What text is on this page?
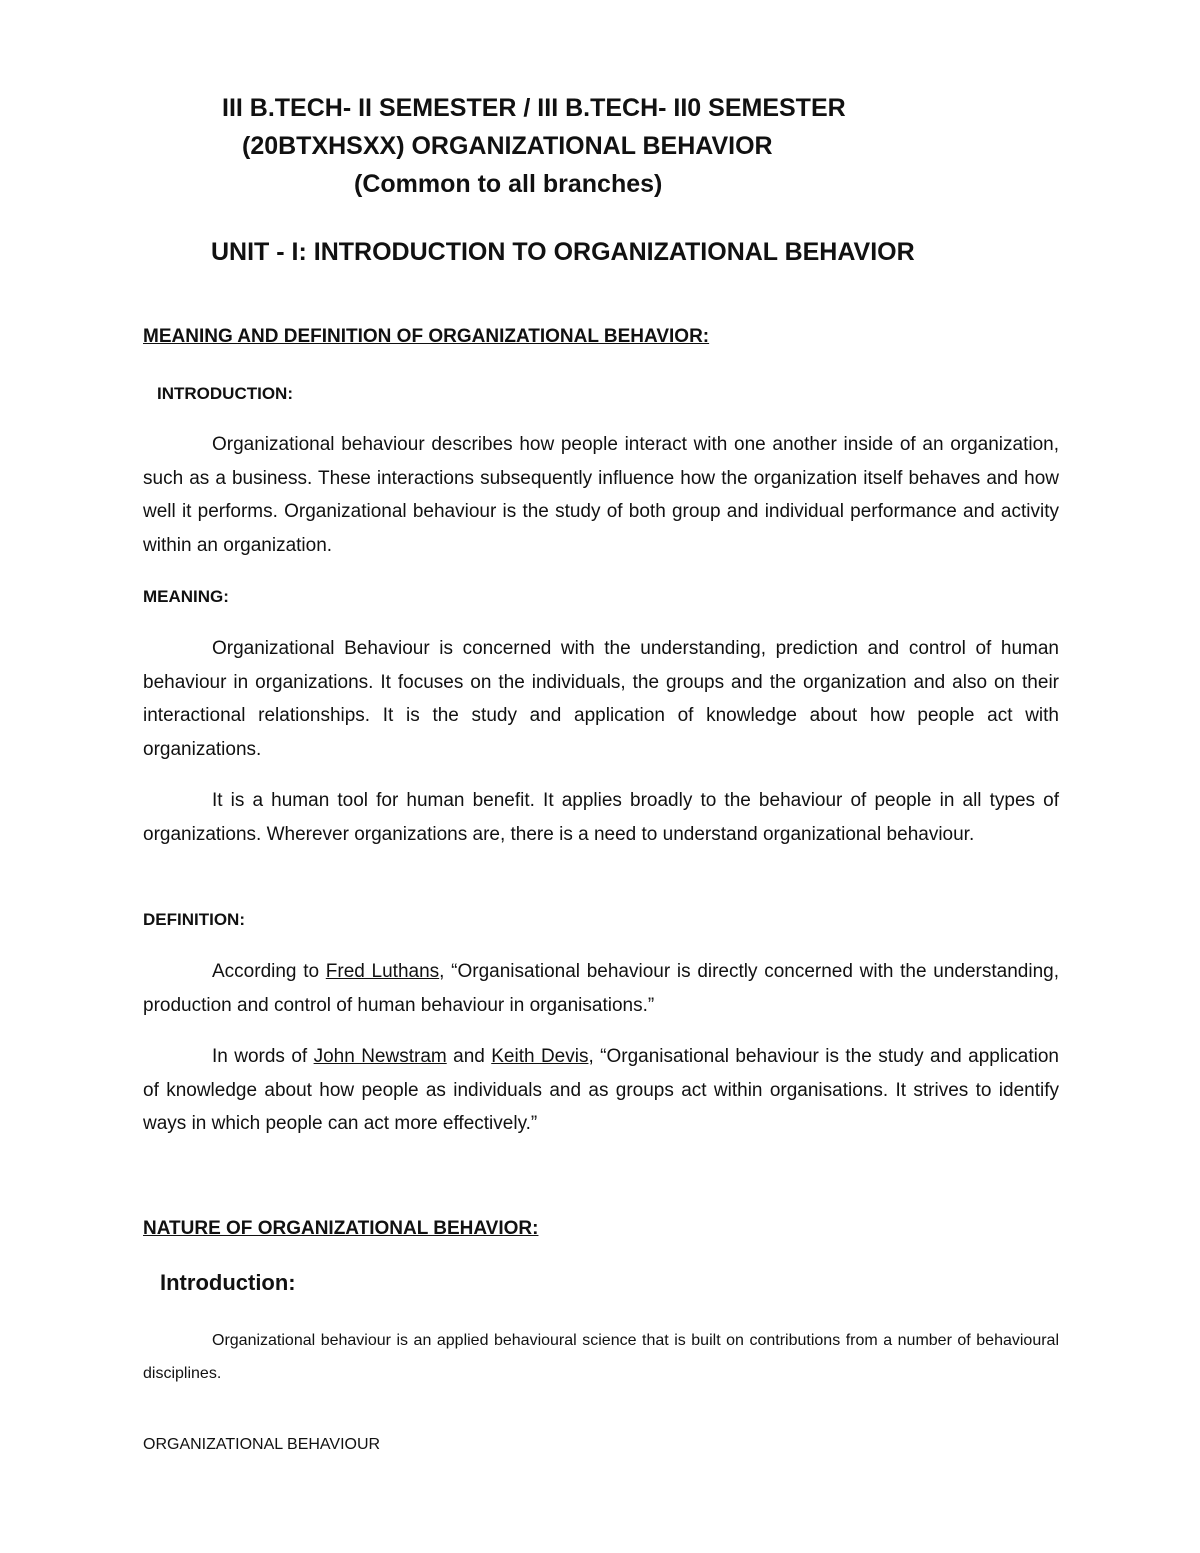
III B.TECH- II SEMESTER / III B.TECH- II0 SEMESTER
(20BTXHSXX) ORGANIZATIONAL BEHAVIOR
(Common to all branches)
UNIT - I: INTRODUCTION TO ORGANIZATIONAL BEHAVIOR
MEANING AND DEFINITION OF ORGANIZATIONAL BEHAVIOR:
INTRODUCTION:

Organizational behaviour describes how people interact with one another inside of an organization, such as a business. These interactions subsequently influence how the organization itself behaves and how well it performs. Organizational behaviour is the study of both group and individual performance and activity within an organization.

MEANING:

Organizational Behaviour is concerned with the understanding, prediction and control of human behaviour in organizations. It focuses on the individuals, the groups and the organization and also on their interactional relationships. It is the study and application of knowledge about how people act with organizations.

It is a human tool for human benefit. It applies broadly to the behaviour of people in all types of organizations. Wherever organizations are, there is a need to understand organizational behaviour.

DEFINITION:

According to Fred Luthans, “Organisational behaviour is directly concerned with the understanding, production and control of human behaviour in organisations.”

In words of John Newstram and Keith Devis, “Organisational behaviour is the study and application of knowledge about how people as individuals and as groups act within organisations. It strives to identify ways in which people can act more effectively.”

NATURE OF ORGANIZATIONAL BEHAVIOR:
Introduction:

Organizational behaviour is an applied behavioural science that is built on contributions from a number of behavioural disciplines.

ORGANIZATIONAL BEHAVIOUR
